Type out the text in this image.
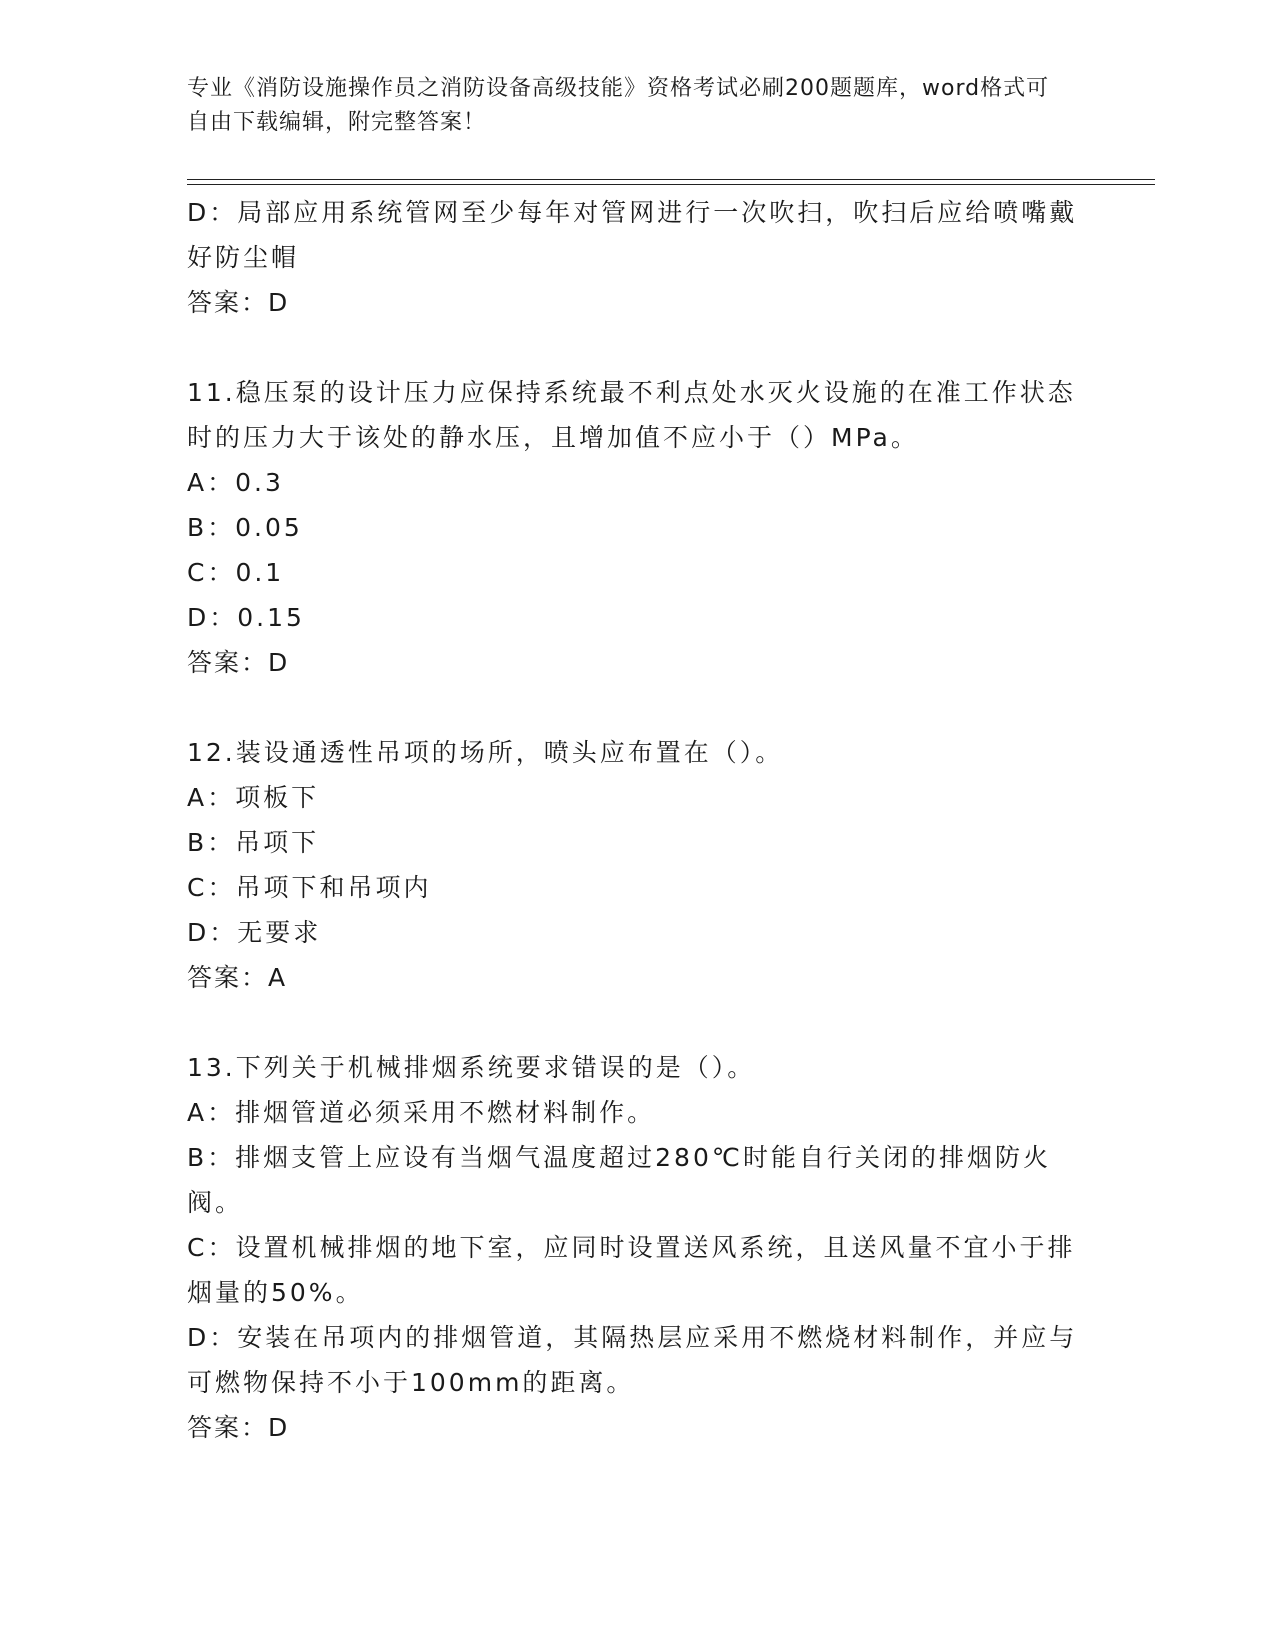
专业《消防设施操作员之消防设备高级技能》资格考试必刷200题题库，word格式可自由下载编辑，附完整答案！

D：局部应用系统管网至少每年对管网进行一次吹扫，吹扫后应给喷嘴戴好防尘帽

答案：D

11.稳压泵的设计压力应保持系统最不利点处水灭火设施的在准工作状态时的压力大于该处的静水压，且增加值不应小于（）MPa。

A：0.3

B：0.05

C：0.1

D：0.15

答案：D

12.装设通透性吊项的场所，喷头应布置在（）。

A：项板下

B：吊项下

C：吊项下和吊项内

D：无要求

答案：A

13.下列关于机械排烟系统要求错误的是（）。

A：排烟管道必须采用不燃材料制作。

B：排烟支管上应设有当烟气温度超过280℃时能自行关闭的排烟防火阀。

C：设置机械排烟的地下室，应同时设置送风系统，且送风量不宜小于排烟量的50%。

D：安装在吊项内的排烟管道，其隔热层应采用不燃烧材料制作，并应与可燃物保持不小于100mm的距离。

答案：D
